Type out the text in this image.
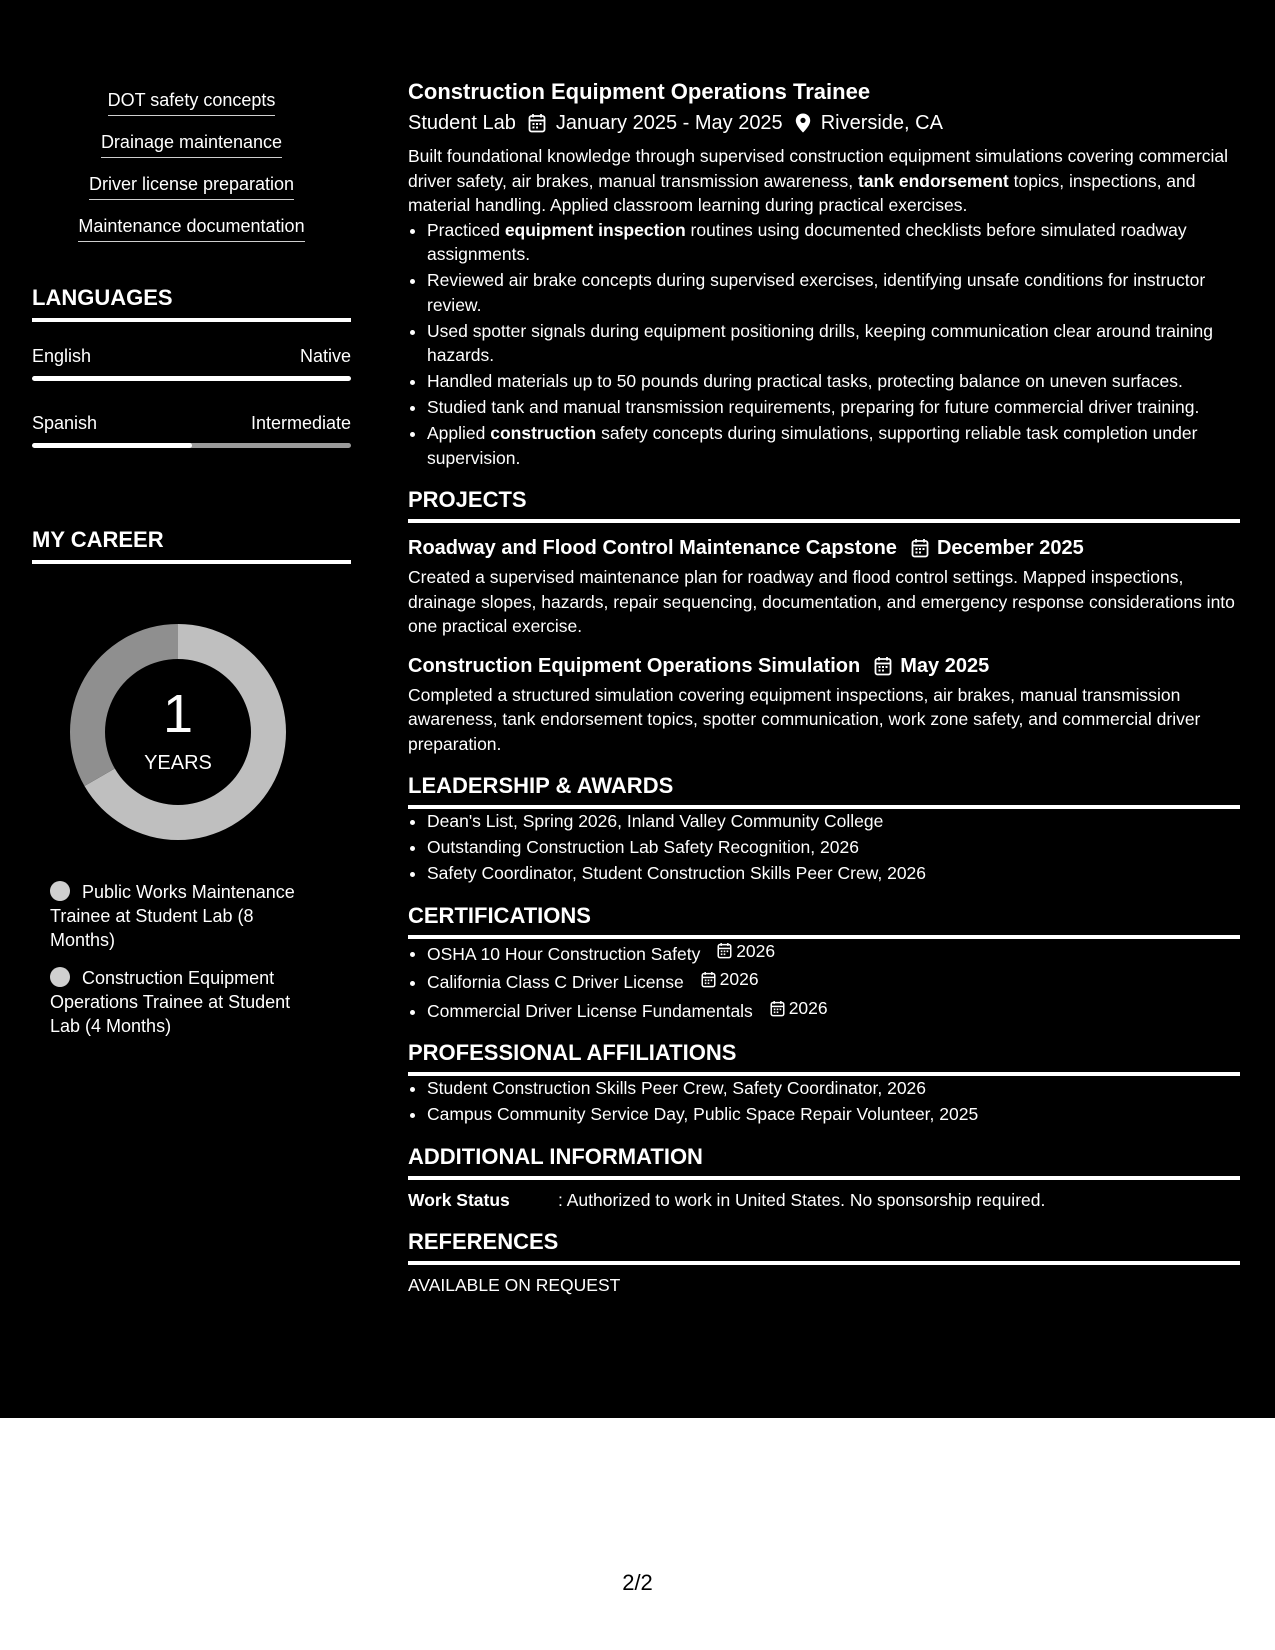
DOT safety concepts
Drainage maintenance
Driver license preparation
Maintenance documentation
LANGUAGES
English	Native
Spanish	Intermediate
MY CAREER
1
YEARS
Public Works Maintenance Trainee at Student Lab (8 Months)
Construction Equipment Operations Trainee at Student Lab (4 Months)
Construction Equipment Operations Trainee
Student Lab January 2025 - May 2025 Riverside, CA

Built foundational knowledge through supervised construction equipment simulations covering commercial driver safety, air brakes, manual transmission awareness, tank endorsement topics, inspections, and material handling. Applied classroom learning during practical exercises.

• Practiced equipment inspection routines using documented checklists before simulated roadway assignments.
• Reviewed air brake concepts during supervised exercises, identifying unsafe conditions for instructor review.
• Used spotter signals during equipment positioning drills, keeping communication clear around training hazards.
• Handled materials up to 50 pounds during practical tasks, protecting balance on uneven surfaces.
• Studied tank and manual transmission requirements, preparing for future commercial driver training.
• Applied construction safety concepts during simulations, supporting reliable task completion under supervision.
PROJECTS
Roadway and Flood Control Maintenance Capstone December 2025
Created a supervised maintenance plan for roadway and flood control settings. Mapped inspections, drainage slopes, hazards, repair sequencing, documentation, and emergency response considerations into one practical exercise.
Construction Equipment Operations Simulation May 2025
Completed a structured simulation covering equipment inspections, air brakes, manual transmission awareness, tank endorsement topics, spotter communication, work zone safety, and commercial driver preparation.
LEADERSHIP & AWARDS
• Dean's List, Spring 2026, Inland Valley Community College
• Outstanding Construction Lab Safety Recognition, 2026
• Safety Coordinator, Student Construction Skills Peer Crew, 2026
CERTIFICATIONS
• OSHA 10 Hour Construction Safety 2026
• California Class C Driver License 2026
• Commercial Driver License Fundamentals 2026
PROFESSIONAL AFFILIATIONS
• Student Construction Skills Peer Crew, Safety Coordinator, 2026
• Campus Community Service Day, Public Space Repair Volunteer, 2025
ADDITIONAL INFORMATION
Work Status	: Authorized to work in United States. No sponsorship required.
REFERENCES
AVAILABLE ON REQUEST
2/2
